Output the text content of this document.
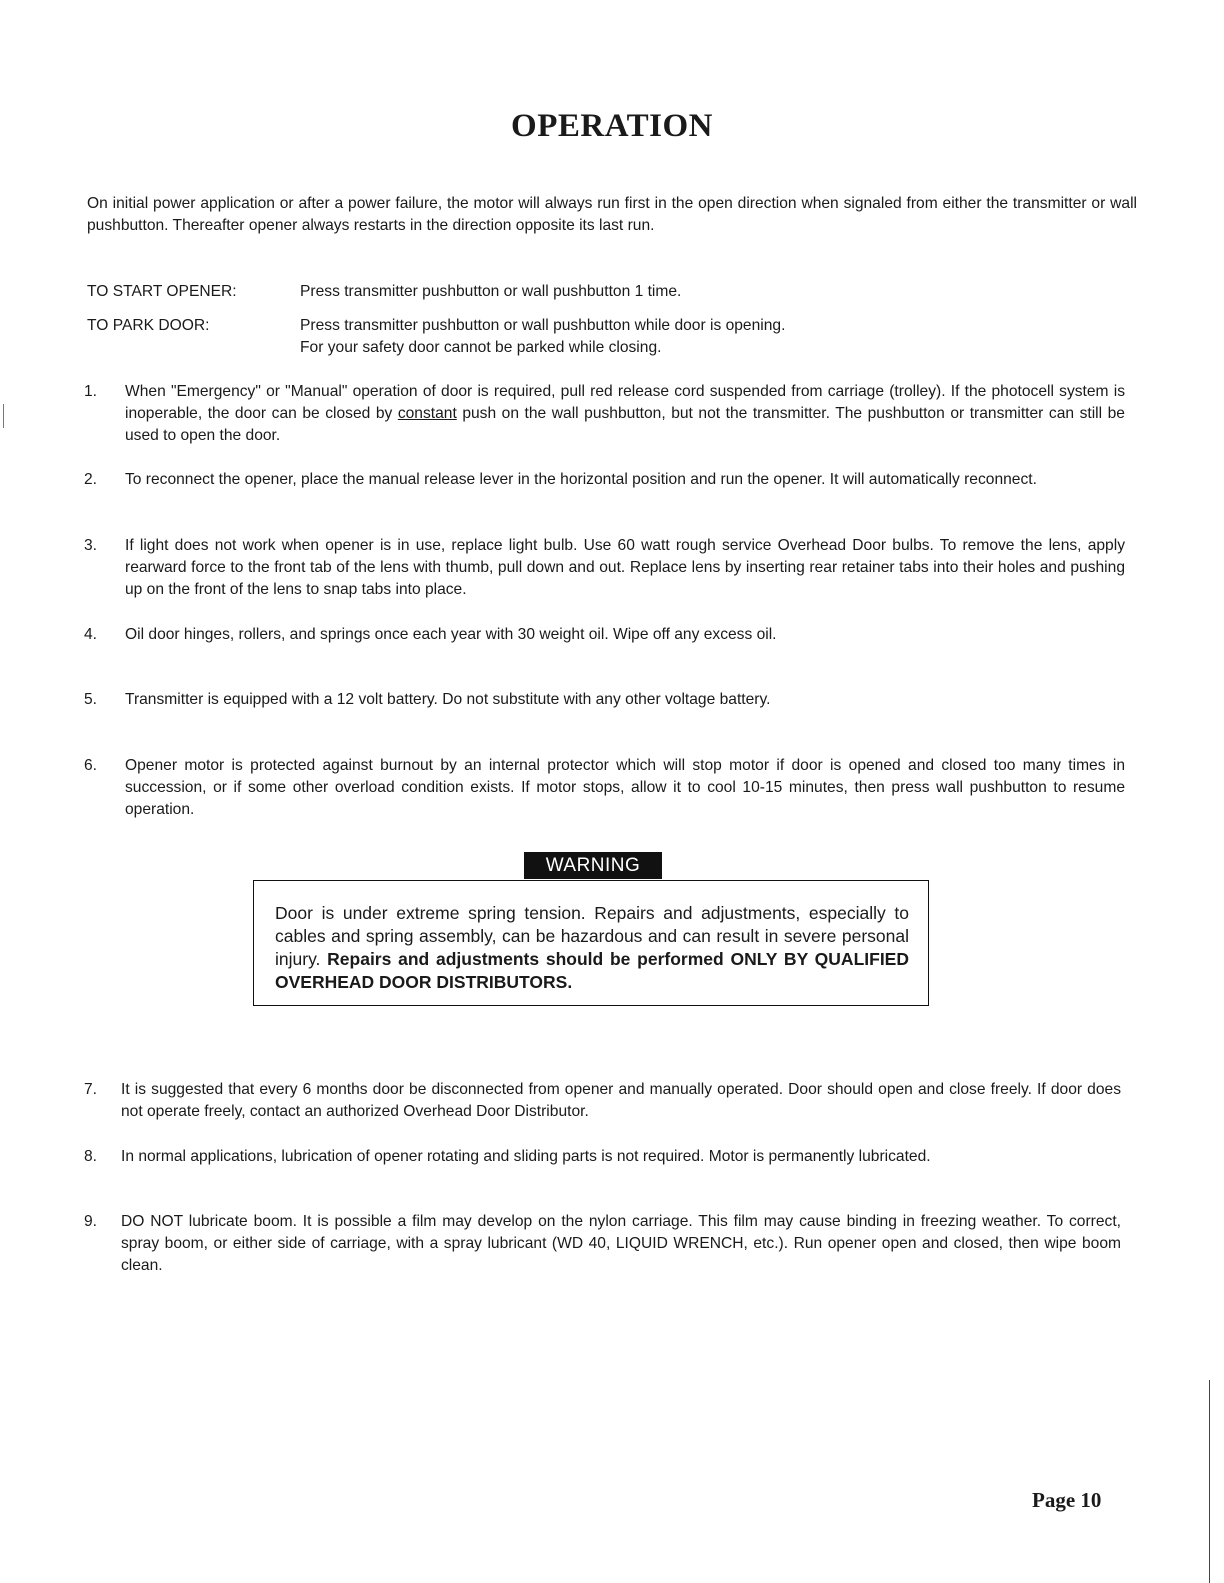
OPERATION
On initial power application or after a power failure, the motor will always run first in the open direction when signaled from either the transmitter or wall pushbutton. Thereafter opener always restarts in the direction opposite its last run.
TO START OPENER:	Press transmitter pushbutton or wall pushbutton 1 time.
TO PARK DOOR:	Press transmitter pushbutton or wall pushbutton while door is opening.
For your safety door cannot be parked while closing.
1.	When "Emergency" or "Manual" operation of door is required, pull red release cord suspended from carriage (trolley). If the photocell system is inoperable, the door can be closed by constant push on the wall pushbutton, but not the transmitter. The pushbutton or transmitter can still be used to open the door.
2.	To reconnect the opener, place the manual release lever in the horizontal position and run the opener. It will automatically reconnect.
3.	If light does not work when opener is in use, replace light bulb. Use 60 watt rough service Overhead Door bulbs. To remove the lens, apply rearward force to the front tab of the lens with thumb, pull down and out. Replace lens by inserting rear retainer tabs into their holes and pushing up on the front of the lens to snap tabs into place.
4.	Oil door hinges, rollers, and springs once each year with 30 weight oil. Wipe off any excess oil.
5.	Transmitter is equipped with a 12 volt battery. Do not substitute with any other voltage battery.
6.	Opener motor is protected against burnout by an internal protector which will stop motor if door is opened and closed too many times in succession, or if some other overload condition exists. If motor stops, allow it to cool 10-15 minutes, then press wall pushbutton to resume operation.
WARNING
Door is under extreme spring tension. Repairs and adjustments, especially to cables and spring assembly, can be hazardous and can result in severe personal injury. Repairs and adjustments should be performed ONLY BY QUALIFIED OVERHEAD DOOR DISTRIBUTORS.
7.	It is suggested that every 6 months door be disconnected from opener and manually operated. Door should open and close freely. If door does not operate freely, contact an authorized Overhead Door Distributor.
8.	In normal applications, lubrication of opener rotating and sliding parts is not required. Motor is permanently lubricated.
9.	DO NOT lubricate boom. It is possible a film may develop on the nylon carriage. This film may cause binding in freezing weather. To correct, spray boom, or either side of carriage, with a spray lubricant (WD 40, LIQUID WRENCH, etc.). Run opener open and closed, then wipe boom clean.
Page 10
